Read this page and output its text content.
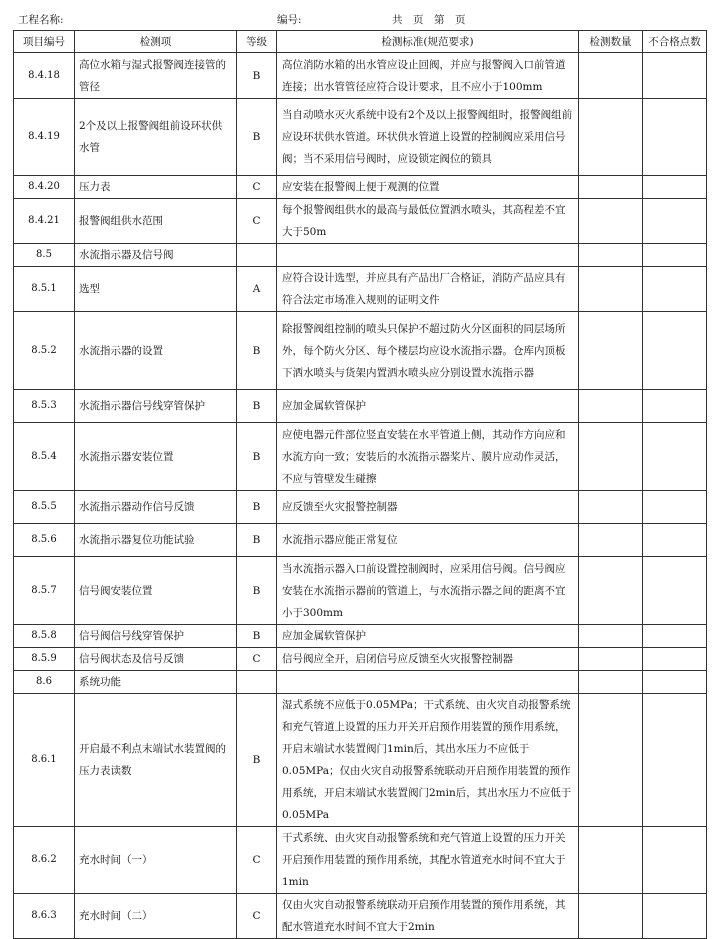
工程名称:	编号:	共　页　第　页
项目编号	检测项	等级	检测标准(规范要求)	检测数量	不合格点数
8.4.18	高位水箱与湿式报警阀连接管的管径	B	高位消防水箱的出水管应设止回阀，并应与报警阀入口前管道连接；出水管管径应符合设计要求，且不应小于100mm		
8.4.19	2个及以上报警阀组前设环状供水管	B	当自动喷水灭火系统中设有2个及以上报警阀组时，报警阀组前应设环状供水管道。环状供水管道上设置的控制阀应采用信号阀；当不采用信号阀时，应设锁定阀位的锁具		
8.4.20	压力表	C	应安装在报警阀上便于观测的位置		
8.4.21	报警阀组供水范围	C	每个报警阀组供水的最高与最低位置洒水喷头，其高程差不宜大于50m		
8.5	水流指示器及信号阀				
8.5.1	选型	A	应符合设计选型，并应具有产品出厂合格证，消防产品应具有符合法定市场准入规则的证明文件		
8.5.2	水流指示器的设置	B	除报警阀组控制的喷头只保护不超过防火分区面积的同层场所外，每个防火分区、每个楼层均应设水流指示器。仓库内顶板下洒水喷头与货架内置洒水喷头应分别设置水流指示器		
8.5.3	水流指示器信号线穿管保护	B	应加金属软管保护		
8.5.4	水流指示器安装位置	B	应使电器元件部位竖直安装在水平管道上侧，其动作方向应和水流方向一致；安装后的水流指示器桨片、膜片应动作灵活，不应与管壁发生碰擦		
8.5.5	水流指示器动作信号反馈	B	应反馈至火灾报警控制器		
8.5.6	水流指示器复位功能试验	B	水流指示器应能正常复位		
8.5.7	信号阀安装位置	B	当水流指示器入口前设置控制阀时，应采用信号阀。信号阀应安装在水流指示器前的管道上，与水流指示器之间的距离不宜小于300mm		
8.5.8	信号阀信号线穿管保护	B	应加金属软管保护		
8.5.9	信号阀状态及信号反馈	C	信号阀应全开，启闭信号应反馈至火灾报警控制器		
8.6	系统功能				
8.6.1	开启最不利点末端试水装置阀的压力表读数	B	湿式系统不应低于0.05MPa；干式系统、由火灾自动报警系统和充气管道上设置的压力开关开启预作用装置的预作用系统，开启末端试水装置阀门1min后，其出水压力不应低于0.05MPa；仅由火灾自动报警系统联动开启预作用装置的预作用系统，开启末端试水装置阀门2min后，其出水压力不应低于0.05MPa		
8.6.2	充水时间（一）	C	干式系统、由火灾自动报警系统和充气管道上设置的压力开关开启预作用装置的预作用系统，其配水管道充水时间不宜大于1min		
8.6.3	充水时间（二）	C	仅由火灾自动报警系统联动开启预作用装置的预作用系统，其配水管道充水时间不宜大于2min		
